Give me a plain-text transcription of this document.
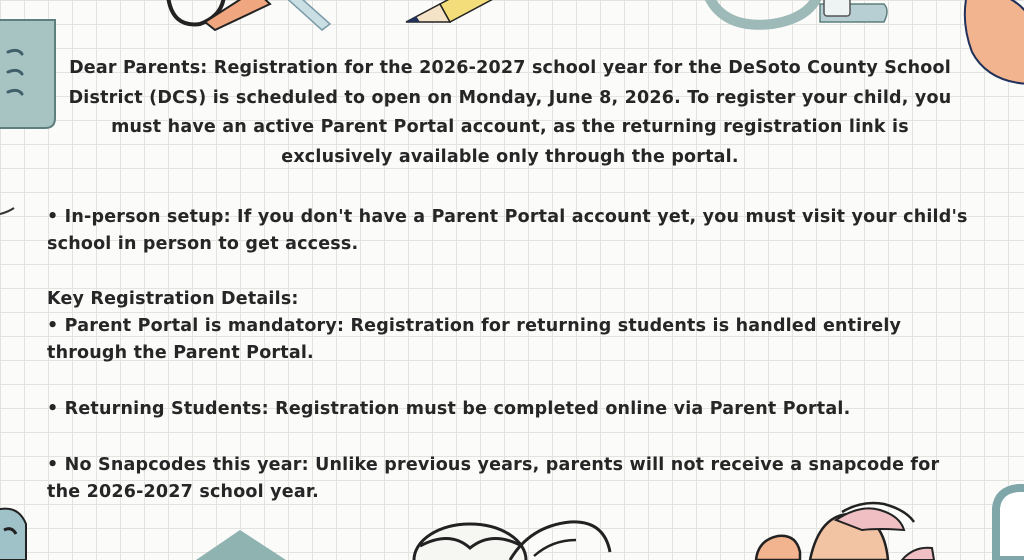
Dear Parents: Registration for the 2026-2027 school year for the DeSoto County School District (DCS) is scheduled to open on Monday, June 8, 2026. To register your child, you must have an active Parent Portal account, as the returning registration link is exclusively available only through the portal.
• In-person setup: If you don't have a Parent Portal account yet, you must visit your child's school in person to get access.
Key Registration Details:
• Parent Portal is mandatory: Registration for returning students is handled entirely through the Parent Portal.
• Returning Students: Registration must be completed online via Parent Portal.
• No Snapcodes this year: Unlike previous years, parents will not receive a snapcode for the 2026-2027 school year.
